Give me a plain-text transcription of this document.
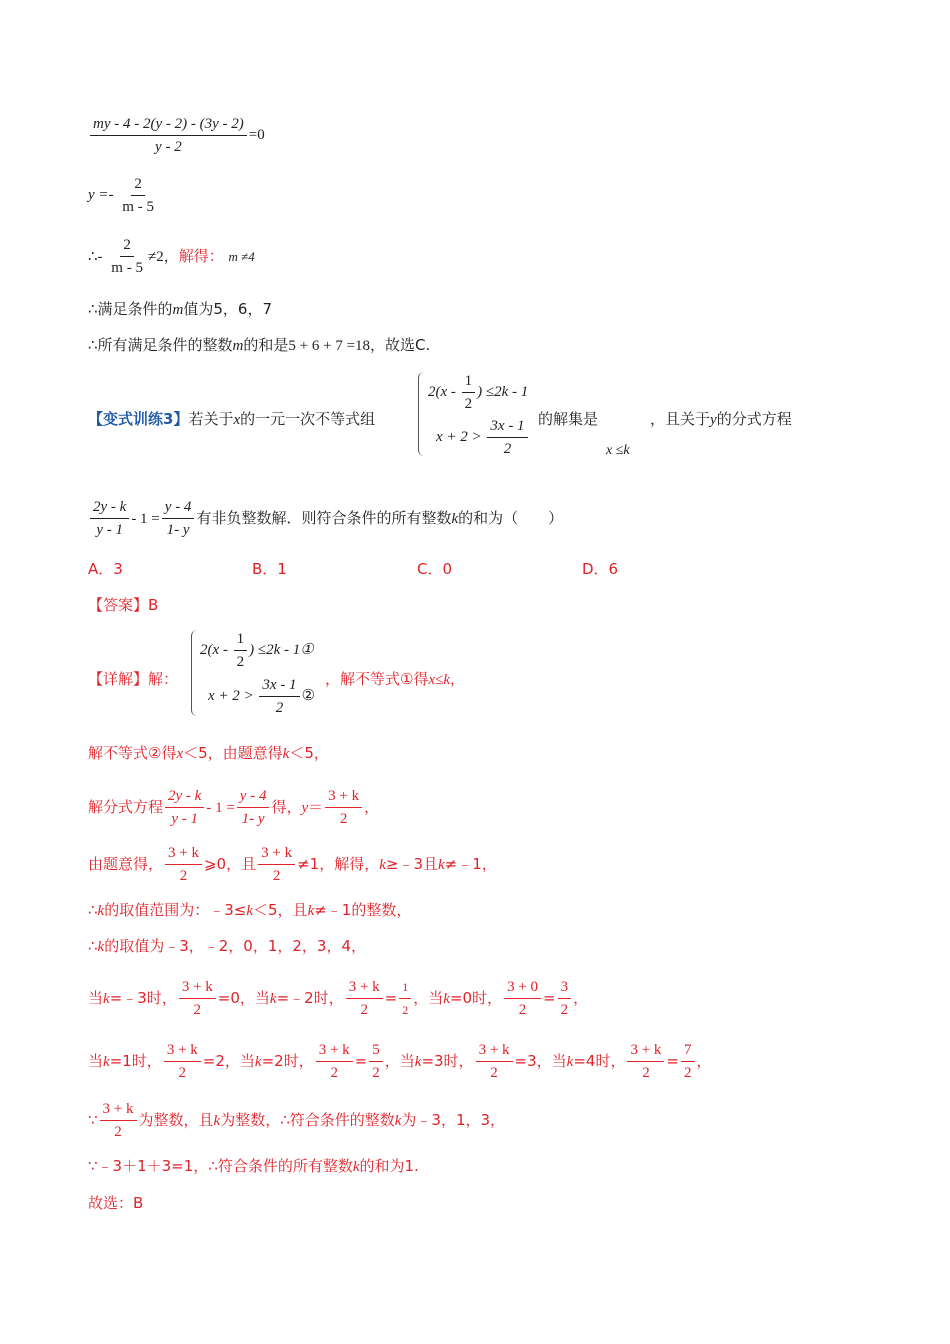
$\frac{my - 4 - 2(y - 2) - (3y - 2)}{y - 2} =0$
$y =- \frac{2}{m - 5}$
∴- $\frac{2}{m - 5} \ne 2$，解得： m ≠4
∴满足条件的m值为5，6，7
∴所有满足条件的整数m的和是5 + 6 + 7 =18，故选C.
【变式训练3】若关于x的一元一次不等式组
$2(x - \frac{1}{2}$ ) ≤2k - 1
$x + 2 > \frac{3x - 1}{2}$ 的解集是	，且关于y的分式方程
x ≤k
$\frac{2y - k}{y - 1} - 1 = \frac{y - 4}{1- y}$ 有非负整数解．则符合条件的所有整数k的和为（　　）
A．3	B．1	C．0	D．6
【答案】B
【详解】解：
$2(x - \frac{1}{2}$ ) ≤2k - 1①
$x + 2 > \frac{3x - 1}{2}$ ②
，解不等式①得x≤k，
解不等式②得x＜5，由题意得k＜5，
解分式方程 $\frac{2y - k}{y - 1} - 1 = \frac{y - 4}{1- y}$ 得，$y= \frac{3 + k}{2}$ ，
由题意得， $\frac{3 + k}{2}$ ⩾0，且 $\frac{3 + k}{2} \ne 1$，解得，k≥﹣3且k≠﹣1，
∴k的取值范围为：﹣3≤k＜5，且k≠﹣1的整数，
∴k的取值为﹣3，﹣2，0，1，2，3，4，
当k=﹣3时， $\frac{3 + k}{2} =0$，当k=﹣2时， $\frac{3 + k}{2} = \frac{1}{2}$ ，当k=0时， $\frac{3 + 0}{2} = \frac{3}{2}$ ，
当k=1时， $\frac{3 + k}{2} =2$，当k=2时， $\frac{3 + k}{2} = \frac{5}{2}$ ，当k=3时， $\frac{3 + k}{2} =3$，当k=4时， $\frac{3 + k}{2} = \frac{7}{2}$ ，
∵ $\frac{3 + k}{2}$ 为整数，且k为整数，∴符合条件的整数k为﹣3，1，3，
∵﹣3＋1＋3=1，∴符合条件的所有整数k的和为1.
故选：B
